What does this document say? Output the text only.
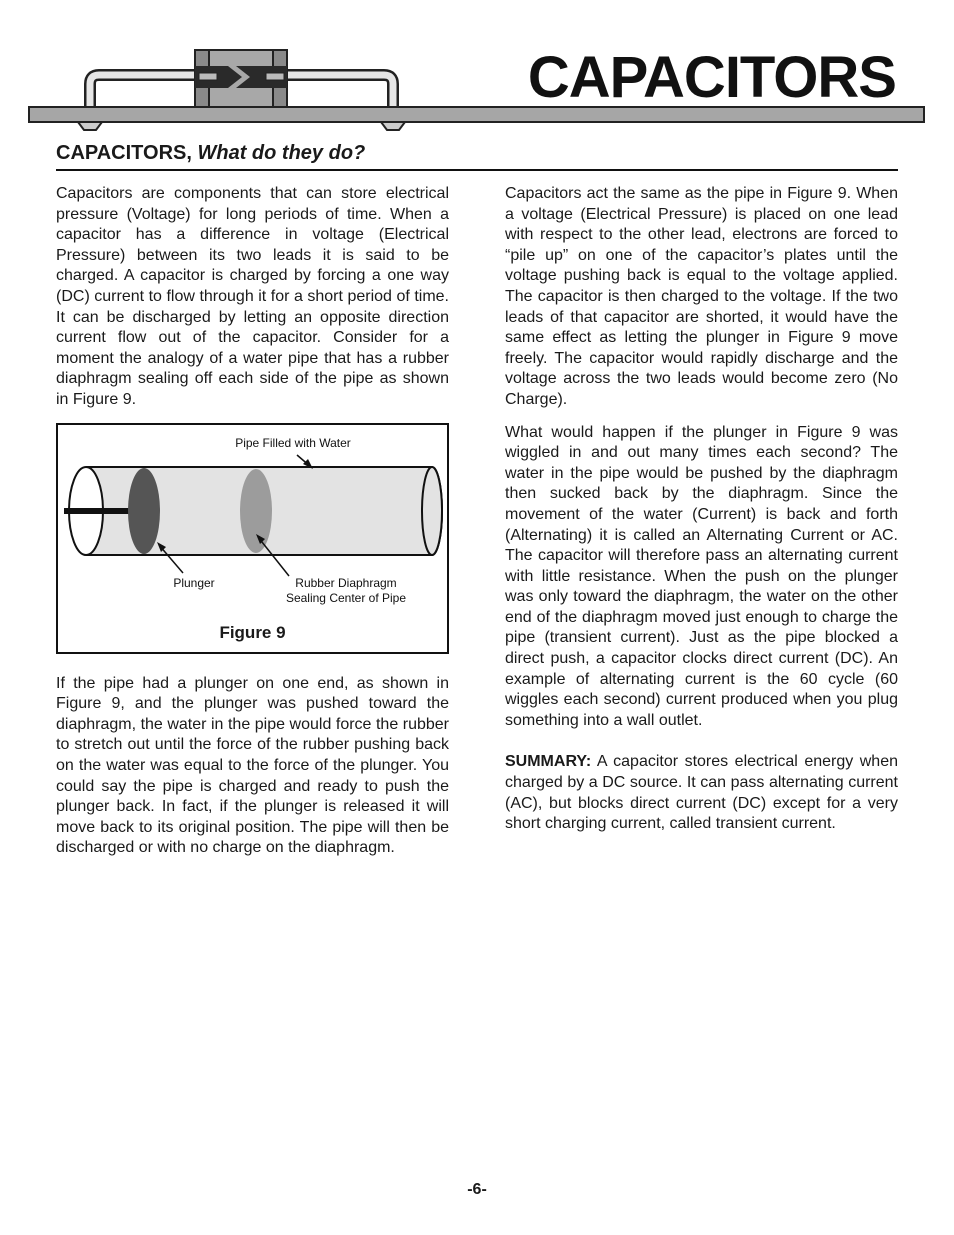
CAPACITORS
CAPACITORS, What do they do?

Capacitors are components that can store electrical pressure (Voltage) for long periods of time. When a capacitor has a difference in voltage (Electrical Pressure) between its two leads it is said to be charged. A capacitor is charged by forcing a one way (DC) current to flow through it for a short period of time. It can be discharged by letting an opposite direction current flow out of the capacitor. Consider for a moment the analogy of a water pipe that has a rubber diaphragm sealing off each side of the pipe as shown in Figure 9.

Pipe Filled with Water
Plunger	Rubber Diaphragm
Sealing Center of Pipe
Figure 9

If the pipe had a plunger on one end, as shown in Figure 9, and the plunger was pushed toward the diaphragm, the water in the pipe would force the rubber to stretch out until the force of the rubber pushing back on the water was equal to the force of the plunger. You could say the pipe is charged and ready to push the plunger back. In fact, if the plunger is released it will move back to its original position. The pipe will then be discharged or with no charge on the diaphragm.

Capacitors act the same as the pipe in Figure 9. When a voltage (Electrical Pressure) is placed on one lead with respect to the other lead, electrons are forced to “pile up” on one of the capacitor’s plates until the voltage pushing back is equal to the voltage applied. The capacitor is then charged to the voltage. If the two leads of that capacitor are shorted, it would have the same effect as letting the plunger in Figure 9 move freely. The capacitor would rapidly discharge and the voltage across the two leads would become zero (No Charge).

What would happen if the plunger in Figure 9 was wiggled in and out many times each second? The water in the pipe would be pushed by the diaphragm then sucked back by the diaphragm. Since the movement of the water (Current) is back and forth (Alternating) it is called an Alternating Current or AC. The capacitor will therefore pass an alternating current with little resistance. When the push on the plunger was only toward the diaphragm, the water on the other end of the diaphragm moved just enough to charge the pipe (transient current). Just as the pipe blocked a direct push, a capacitor clocks direct current (DC). An example of alternating current is the 60 cycle (60 wiggles each second) current produced when you plug something into a wall outlet.

SUMMARY: A capacitor stores electrical energy when charged by a DC source. It can pass alternating current (AC), but blocks direct current (DC) except for a very short charging current, called transient current.

-6-
